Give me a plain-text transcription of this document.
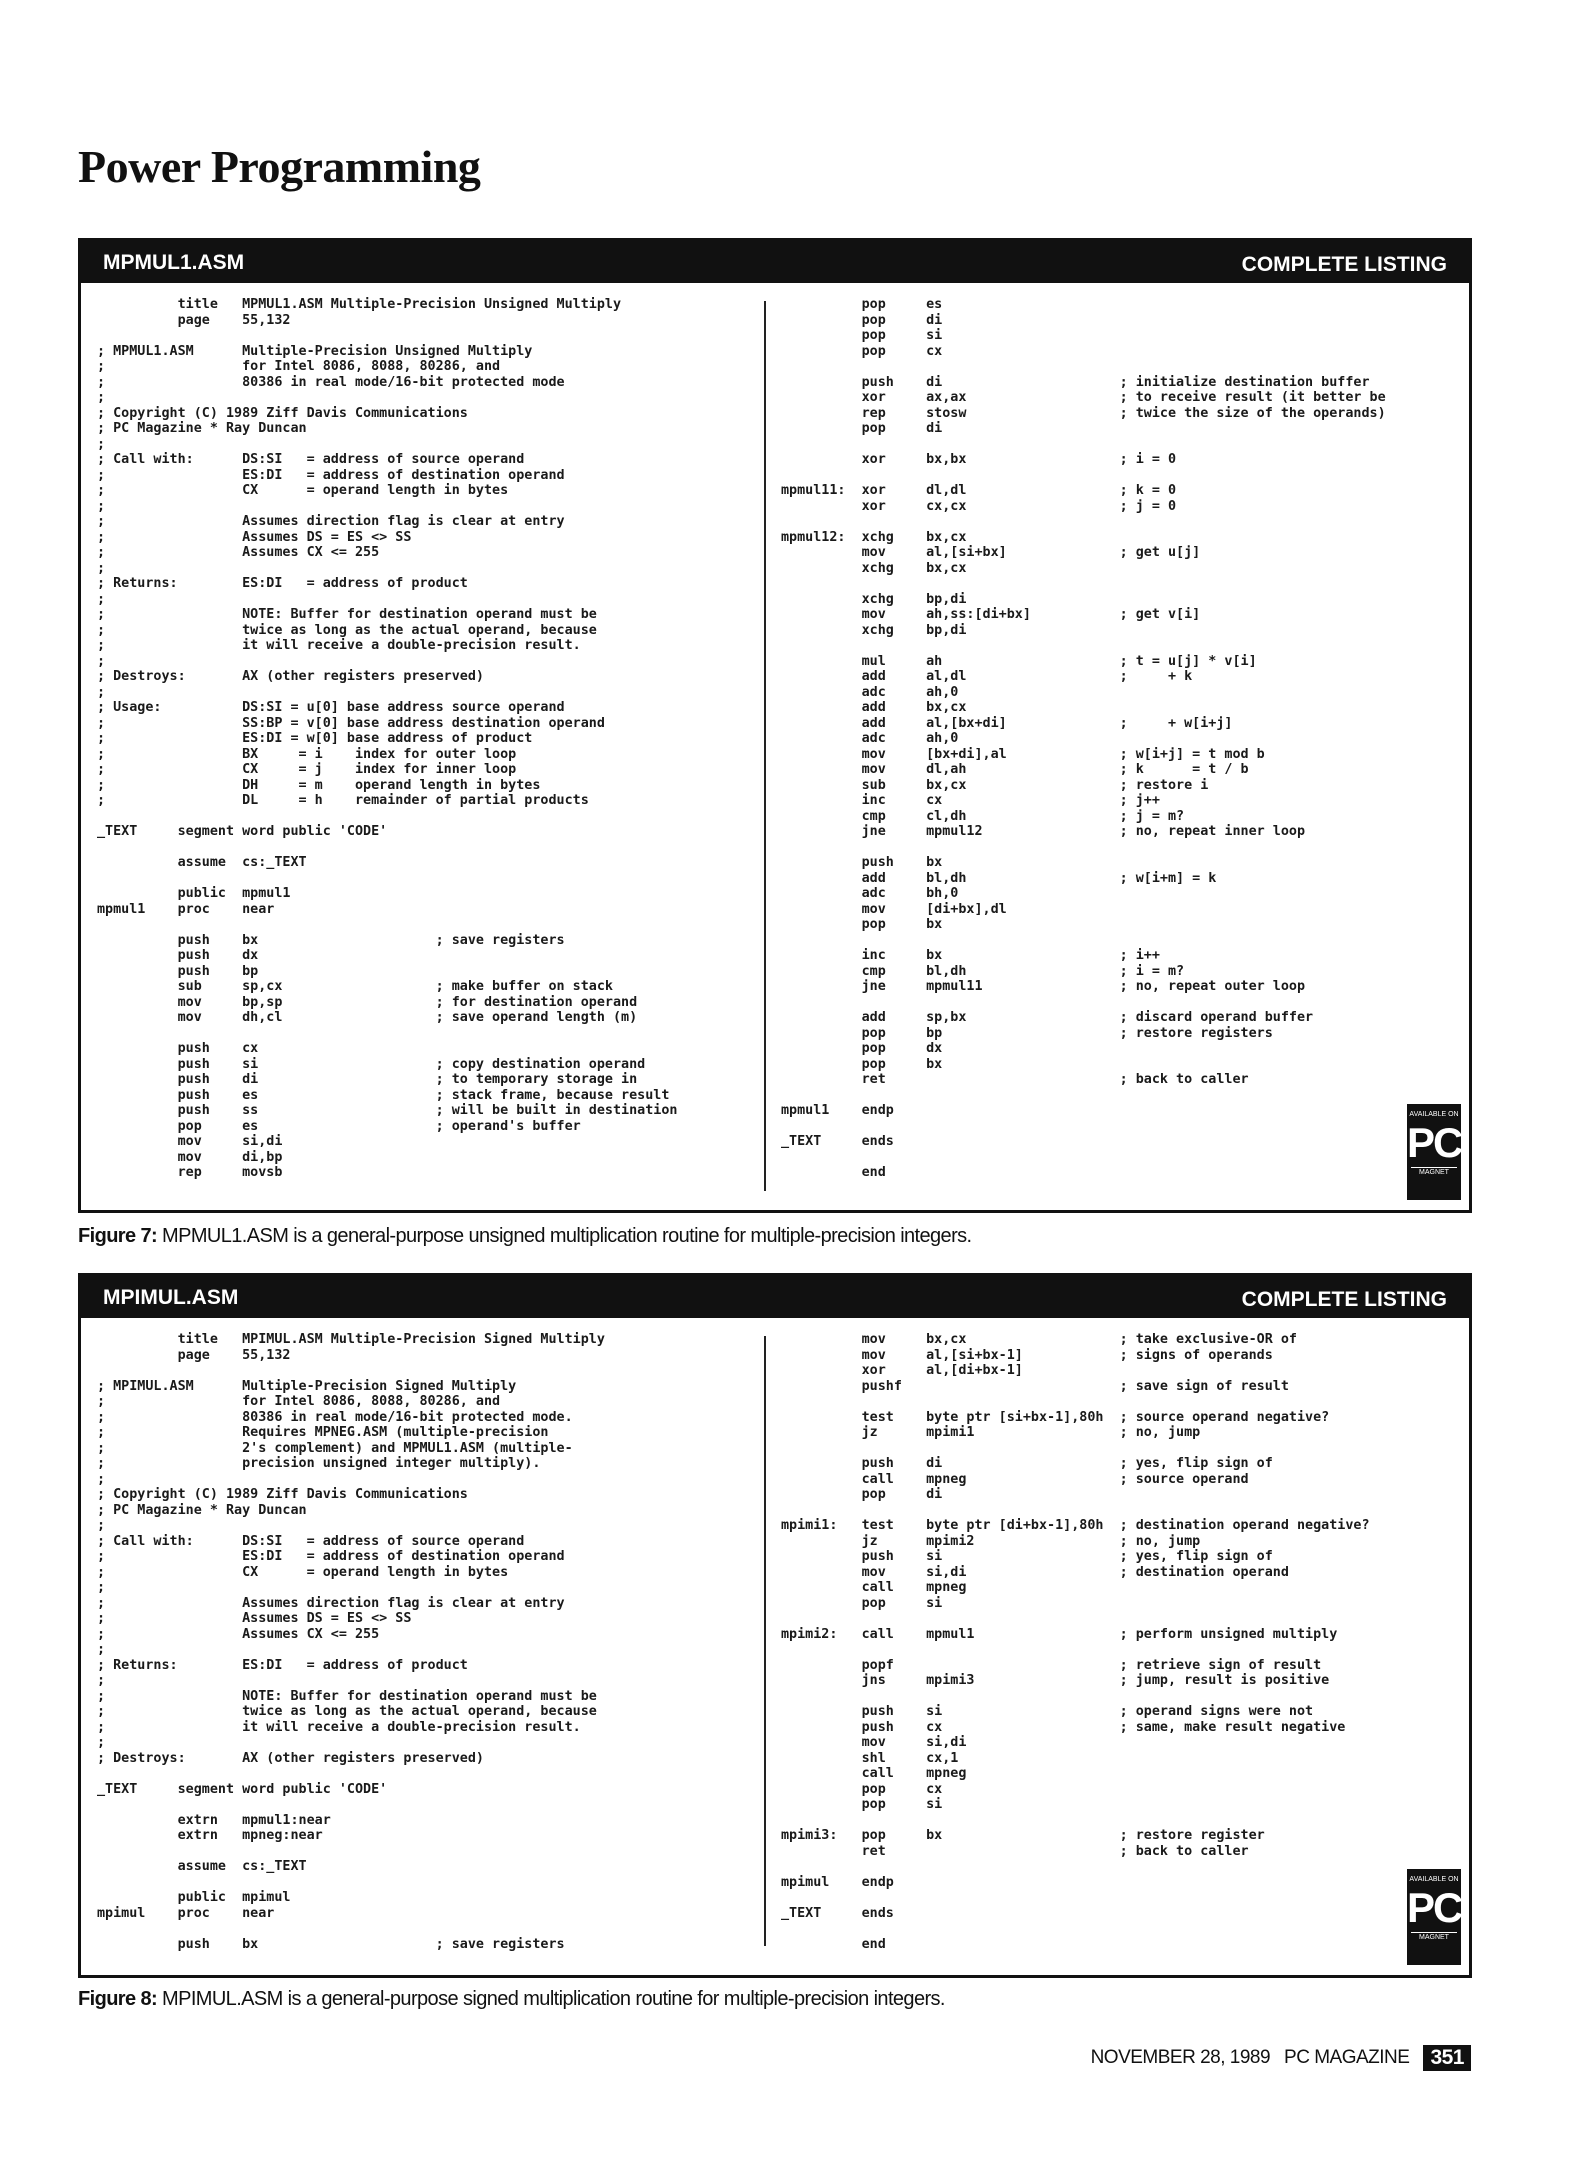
Power Programming
MPMUL1.ASM	COMPLETE LISTING
title   MPMUL1.ASM Multiple-Precision Unsigned Multiply
page    55,132

; MPMUL1.ASM      Multiple-Precision Unsigned Multiply
;                 for Intel 8086, 8088, 80286, and
;                 80386 in real mode/16-bit protected mode
;
; Copyright (C) 1989 Ziff Davis Communications
; PC Magazine * Ray Duncan
;
; Call with:      DS:SI   = address of source operand
;                 ES:DI   = address of destination operand
;                 CX      = operand length in bytes
;
;                 Assumes direction flag is clear at entry
;                 Assumes DS = ES <> SS
;                 Assumes CX <= 255
;
; Returns:        ES:DI   = address of product
;
;                 NOTE: Buffer for destination operand must be
;                 twice as long as the actual operand, because
;                 it will receive a double-precision result.
;
; Destroys:       AX (other registers preserved)
;
; Usage:          DS:SI = u[0] base address source operand
;                 SS:BP = v[0] base address destination operand
;                 ES:DI = w[0] base address of product
;                 BX     = i    index for outer loop
;                 CX     = j    index for inner loop
;                 DH     = m    operand length in bytes
;                 DL     = h    remainder of partial products

_TEXT     segment word public 'CODE'

assume  cs:_TEXT

public  mpmul1
mpmul1    proc    near

push    bx                      ; save registers
push    dx
push    bp
sub     sp,cx                   ; make buffer on stack
mov     bp,sp                   ; for destination operand
mov     dh,cl                   ; save operand length (m)

push    cx
push    si                      ; copy destination operand
push    di                      ; to temporary storage in
push    es                      ; stack frame, because result
push    ss                      ; will be built in destination
pop     es                      ; operand's buffer
mov     si,di
mov     di,bp
rep     movsb
pop     es
pop     di
pop     si
pop     cx

push    di                      ; initialize destination buffer
xor     ax,ax                   ; to receive result (it better be
rep     stosw                   ; twice the size of the operands)
pop     di

xor     bx,bx                   ; i = 0

mpmul11:  xor     dl,dl                   ; k = 0
xor     cx,cx                   ; j = 0

mpmul12:  xchg    bx,cx
mov     al,[si+bx]              ; get u[j]
xchg    bx,cx

xchg    bp,di
mov     ah,ss:[di+bx]           ; get v[i]
xchg    bp,di

mul     ah                      ; t = u[j] * v[i]
add     al,dl                   ;     + k
adc     ah,0
add     bx,cx
add     al,[bx+di]              ;     + w[i+j]
adc     ah,0
mov     [bx+di],al              ; w[i+j] = t mod b
mov     dl,ah                   ; k      = t / b
sub     bx,cx                   ; restore i
inc     cx                      ; j++
cmp     cl,dh                   ; j = m?
jne     mpmul12                 ; no, repeat inner loop

push    bx
add     bl,dh                   ; w[i+m] = k
adc     bh,0
mov     [di+bx],dl
pop     bx

inc     bx                      ; i++
cmp     bl,dh                   ; i = m?
jne     mpmul11                 ; no, repeat outer loop

add     sp,bx                   ; discard operand buffer
pop     bp                      ; restore registers
pop     dx
pop     bx
ret                             ; back to caller

mpmul1    endp

_TEXT     ends

end
AVAILABLE ON
PC
MAGNET

Figure 7: MPMUL1.ASM is a general-purpose unsigned multiplication routine for multiple-precision integers.

MPIMUL.ASM	COMPLETE LISTING
title   MPIMUL.ASM Multiple-Precision Signed Multiply
page    55,132

; MPIMUL.ASM      Multiple-Precision Signed Multiply
;                 for Intel 8086, 8088, 80286, and
;                 80386 in real mode/16-bit protected mode.
;                 Requires MPNEG.ASM (multiple-precision
;                 2's complement) and MPMUL1.ASM (multiple-
;                 precision unsigned integer multiply).
;
; Copyright (C) 1989 Ziff Davis Communications
; PC Magazine * Ray Duncan
;
; Call with:      DS:SI   = address of source operand
;                 ES:DI   = address of destination operand
;                 CX      = operand length in bytes
;
;                 Assumes direction flag is clear at entry
;                 Assumes DS = ES <> SS
;                 Assumes CX <= 255
;
; Returns:        ES:DI   = address of product
;
;                 NOTE: Buffer for destination operand must be
;                 twice as long as the actual operand, because
;                 it will receive a double-precision result.
;
; Destroys:       AX (other registers preserved)

_TEXT     segment word public 'CODE'

extrn   mpmul1:near
extrn   mpneg:near

assume  cs:_TEXT

public  mpimul
mpimul    proc    near

push    bx                      ; save registers
mov     bx,cx                   ; take exclusive-OR of
mov     al,[si+bx-1]            ; signs of operands
xor     al,[di+bx-1]
pushf                           ; save sign of result

test    byte ptr [si+bx-1],80h  ; source operand negative?
jz      mpimi1                  ; no, jump

push    di                      ; yes, flip sign of
call    mpneg                   ; source operand
pop     di

mpimi1:   test    byte ptr [di+bx-1],80h  ; destination operand negative?
jz      mpimi2                  ; no, jump
push    si                      ; yes, flip sign of
mov     si,di                   ; destination operand
call    mpneg
pop     si

mpimi2:   call    mpmul1                  ; perform unsigned multiply

popf                            ; retrieve sign of result
jns     mpimi3                  ; jump, result is positive

push    si                      ; operand signs were not
push    cx                      ; same, make result negative
mov     si,di
shl     cx,1
call    mpneg
pop     cx
pop     si

mpimi3:   pop     bx                      ; restore register
ret                             ; back to caller

mpimul    endp

_TEXT     ends

end
AVAILABLE ON
PC
MAGNET

Figure 8: MPIMUL.ASM is a general-purpose signed multiplication routine for multiple-precision integers.

NOVEMBER 28, 1989 PC MAGAZINE	351
